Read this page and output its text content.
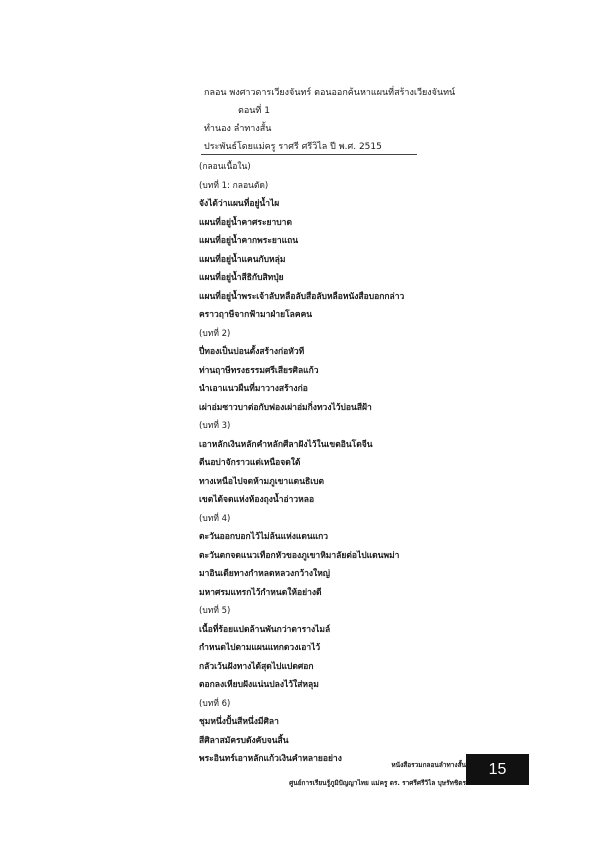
กลอน พงศาวดารเวียงจันทร์ ตอนออกค้นหาแผนที่สร้างเวียงจันทน์
ตอนที่ 1
ทำนอง ลำทางสั้น
ประพันธ์โดยแม่ครู ราศรี ศรีวิไล ปี พ.ศ. 2515
(กลอนเนื้อใน)
(บทที่ 1: กลอนตัด)
จังได้ว่าแผนที่อยู่น้ำไผ
แผนที่อยู่น้ำคาศระยาบาด
แผนที่อยู่น้ำคากพระยาแถน
แผนที่อยู่น้ำแคนกับหลุ่ม
แผนที่อยู่น้ำสีธิกับสิทปุ่ย
แผนที่อยู่น้ำพระเจ้าลับหลือลับสือลับหลือหนังสือบอกกล่าว
คราวฤาษีจากฟ้ามาฝ่ายโลคคน
(บทที่ 2)
ปี่ทองเป็นบ่อนตั้งสร้างก่อหัวที
ท่านฤาษีทรงธรรมศรีเสียรศิลแก้ว
นำเอาแนวผืนที่มาวางสร้างก่อ
เผ่าอ่มซาวบาต่อกับฟองเผ่าอ่มกิ่งทวงไว้บ่อนสีฝ้า
(บทที่ 3)
เอาหลักเงินหลักคำหลักศีลาฝังไว้ในเขตอินโดจีน
ตีนอบ่าจักราวแด่เหนือจดใต้
ทางเหนือไปจดห้ามภูเขาแดนธิเบต
เขตได้จดแห่งห้องถุงน้ำอ่าวหลอ
(บทที่ 4)
ตะวันออกบอกไว้ไม่ล้นแห่งแดนแกว
ตะวันตกจดแนวเทือกหัวของภูเขาหิมาลัยต่อไปแดนพม่า
มาอินเดียทางกำหลดหลวงกว้างใหญ่
มหาศรมแทรกไว้กำหนดให้อย่างดี
(บทที่ 5)
เนื้อที่ร้อยแปดล้านพันกว่าตารางไมล์
กำหนดไปตามแผนแทกดวงเอาไว้
กลัวเว้นฝังทางได้สุดไปแปดศอก
ตอกลงเหียบฝังแน่นปลงไว้ใส่หลุม
(บทที่ 6)
ชุมหนึ่งปั้นสีหนึ่งมีศิลา
สีศิลาสมัครบดังคับจนสิ้น
พระอินทร์เอาหลักแก้วเงินคำหลายอย่าง
หนังสือรวมกลอนลำทางสั้น
ศูนย์การเรียนรู้ภูมิปัญญาไทย แม่ครู ดร. ราศรีศรีวิไล บุษรัทชิตร
15
